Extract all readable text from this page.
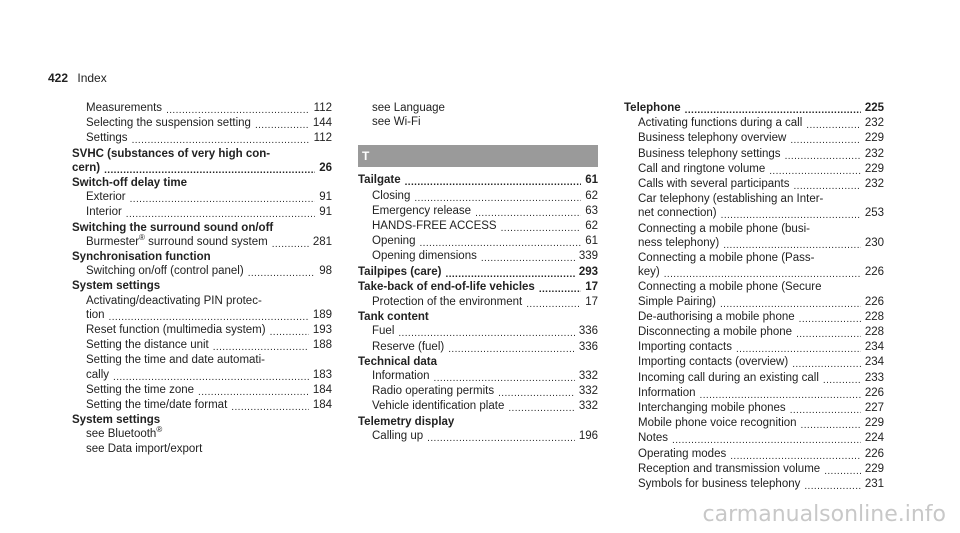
422 Index
Measurements .....	112
Selecting the suspension setting .....	144
Settings .....	112
SVHC (substances of very high con-
cern) .....	26
Switch-off delay time
Exterior .....	91
Interior .....	91
Switching the surround sound on/off
Burmester® surround sound system .....	281
Synchronisation function
Switching on/off (control panel) .....	98
System settings
Activating/deactivating PIN protec-
tion .....	189
Reset function (multimedia system) .....	193
Setting the distance unit .....	188
Setting the time and date automati-
cally .....	183
Setting the time zone .....	184
Setting the time/date format .....	184
System settings
see Bluetooth®
see Data import/export
see Language
see Wi-Fi
T
Tailgate .....	61
Closing .....	62
Emergency release .....	63
HANDS-FREE ACCESS .....	62
Opening .....	61
Opening dimensions .....	339
Tailpipes (care) .....	293
Take-back of end-of-life vehicles .....	17
Protection of the environment .....	17
Tank content
Fuel .....	336
Reserve (fuel) .....	336
Technical data
Information .....	332
Radio operating permits .....	332
Vehicle identification plate .....	332
Telemetry display
Calling up .....	196
Telephone .....	225
Activating functions during a call .....	232
Business telephony overview .....	229
Business telephony settings .....	232
Call and ringtone volume .....	229
Calls with several participants .....	232
Car telephony (establishing an Inter-
net connection) .....	253
Connecting a mobile phone (busi-
ness telephony) .....	230
Connecting a mobile phone (Pass-
key) .....	226
Connecting a mobile phone (Secure
Simple Pairing) .....	226
De-authorising a mobile phone .....	228
Disconnecting a mobile phone .....	228
Importing contacts .....	234
Importing contacts (overview) .....	234
Incoming call during an existing call .....	233
Information .....	226
Interchanging mobile phones .....	227
Mobile phone voice recognition .....	229
Notes .....	224
Operating modes .....	226
Reception and transmission volume .....	229
Symbols for business telephony .....	231
carmanualsonline.info
